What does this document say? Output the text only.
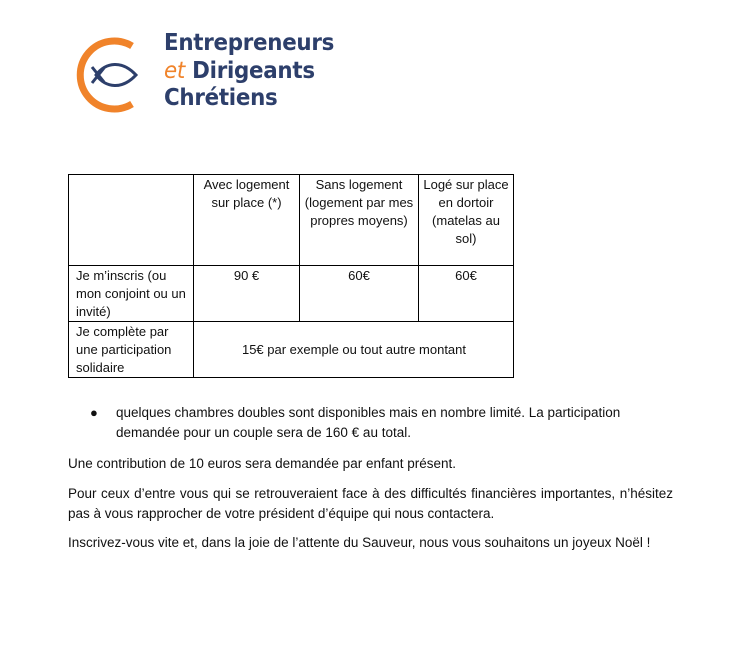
Entrepreneurs
et Dirigeants
Chrétiens
	Avec logement sur place (*)	Sans logement (logement par mes propres moyens)	Logé sur place en dortoir (matelas au sol)
Je m’inscris (ou mon conjoint ou un invité)	90 €	60€	60€
Je complète par une participation solidaire	15€ par exemple ou tout autre montant		
● quelques chambres doubles sont disponibles mais en nombre limité. La participation demandée pour un couple sera de 160 € au total.
Une contribution de 10 euros sera demandée par enfant présent.
Pour ceux d’entre vous qui se retrouveraient face à des difficultés financières importantes, n’hésitez pas à vous rapprocher de votre président d’équipe qui nous contactera.
Inscrivez-vous vite et, dans la joie de l’attente du Sauveur, nous vous souhaitons un joyeux Noël !
